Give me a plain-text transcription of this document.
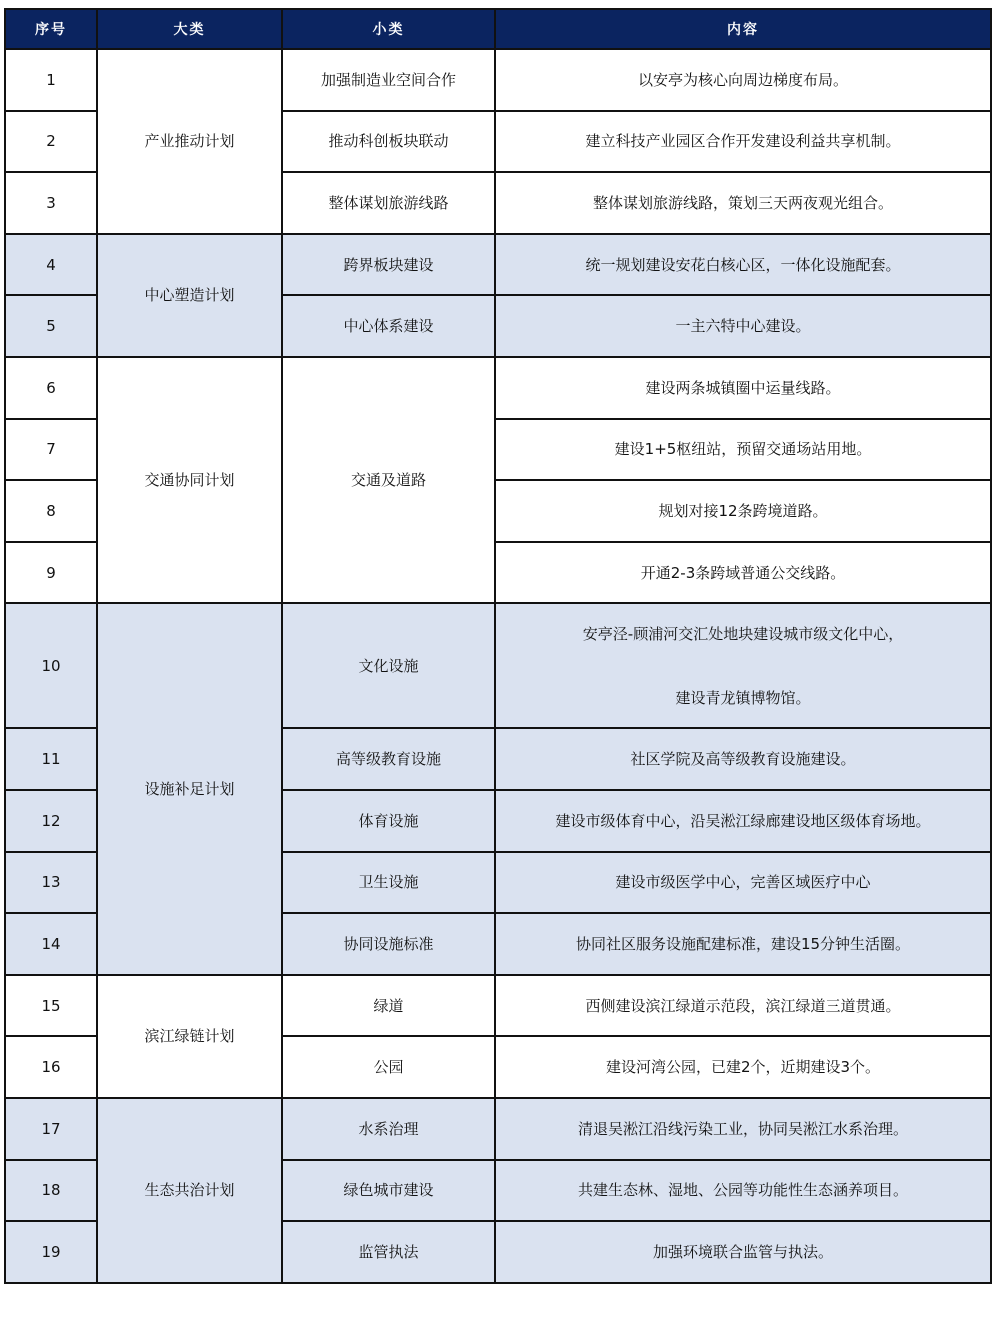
序号	大类	小类	内容
1	产业推动计划	加强制造业空间合作	以安亭为核心向周边梯度布局。
2		推动科创板块联动	建立科技产业园区合作开发建设利益共享机制。
3		整体谋划旅游线路	整体谋划旅游线路，策划三天两夜观光组合。
4	中心塑造计划	跨界板块建设	统一规划建设安花白核心区，一体化设施配套。
5		中心体系建设	一主六特中心建设。
6	交通协同计划	交通及道路	建设两条城镇圈中运量线路。
7			建设1+5枢纽站，预留交通场站用地。
8			规划对接12条跨境道路。
9			开通2-3条跨域普通公交线路。
10	设施补足计划	文化设施	安亭泾-顾浦河交汇处地块建设城市级文化中心，
建设青龙镇博物馆。

11		高等级教育设施	社区学院及高等级教育设施建设。
12		体育设施	建设市级体育中心，沿吴淞江绿廊建设地区级体育场地。
13		卫生设施	建设市级医学中心，完善区域医疗中心
14		协同设施标准	协同社区服务设施配建标准，建设15分钟生活圈。
15	滨江绿链计划	绿道	西侧建设滨江绿道示范段，滨江绿道三道贯通。
16		公园	建设河湾公园，已建2个，近期建设3个。
17	生态共治计划	水系治理	清退吴淞江沿线污染工业，协同吴淞江水系治理。
18		绿色城市建设	共建生态林、湿地、公园等功能性生态涵养项目。
19		监管执法	加强环境联合监管与执法。
